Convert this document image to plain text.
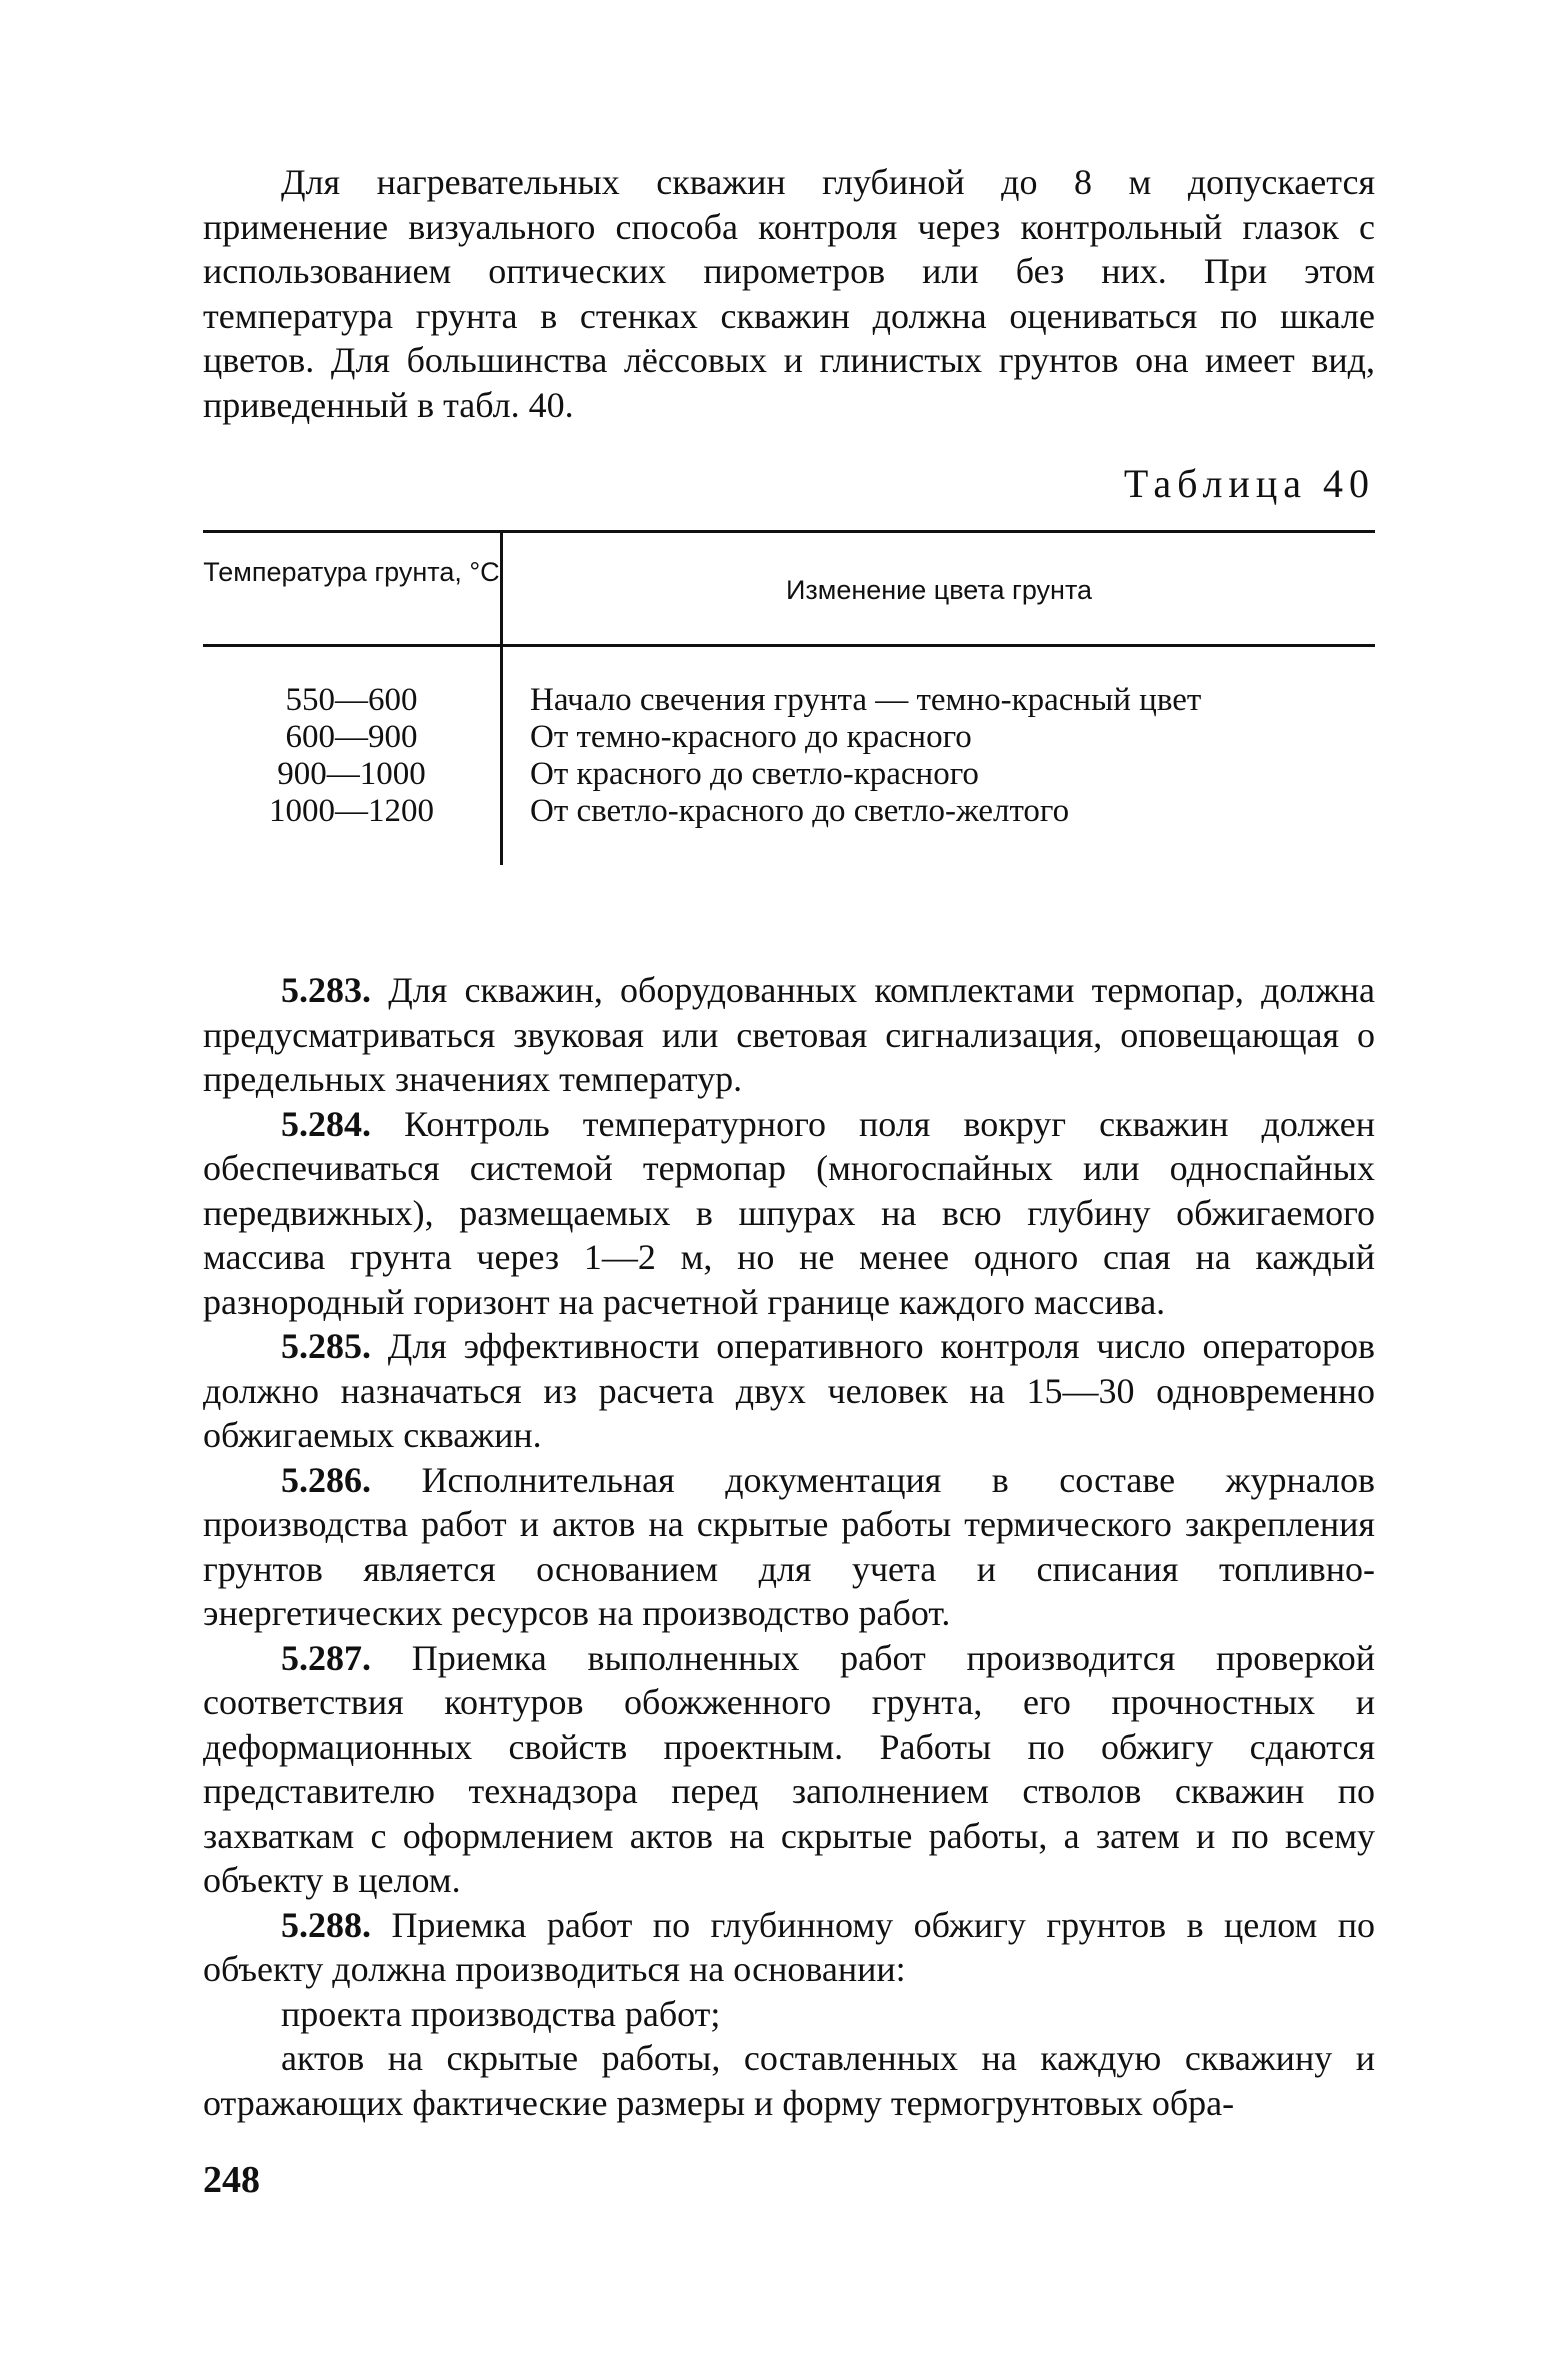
Для нагревательных скважин глубиной до 8 м допускается применение визуального способа контроля через контрольный глазок с использованием оптических пирометров или без них. При этом температура грунта в стенках скважин должна оцениваться по шкале цветов. Для большинства лёссовых и глинистых грунтов она имеет вид, приведенный в табл. 40.

Таблица 40
Температура грунта, °С
Изменение цвета грунта
550—600
600—900
900—1000
1000—1200
Начало свечения грунта — темно-красный цвет
От темно-красного до красного
От красного до светло-красного
От светло-красного до светло-желтого

5.283. Для скважин, оборудованных комплектами термопар, должна предусматриваться звуковая или световая сигнализация, оповещающая о предельных значениях температур.

5.284. Контроль температурного поля вокруг скважин должен обеспечиваться системой термопар (многоспайных или односпайных передвижных), размещаемых в шпурах на всю глубину обжигаемого массива грунта через 1—2 м, но не менее одного спая на каждый разнородный горизонт на расчетной границе каждого массива.

5.285. Для эффективности оперативного контроля число операторов должно назначаться из расчета двух человек на 15—30 одновременно обжигаемых скважин.

5.286. Исполнительная документация в составе журналов производства работ и актов на скрытые работы термического закрепления грунтов является основанием для учета и списания топливно-энергетических ресурсов на производство работ.

5.287. Приемка выполненных работ производится проверкой соответствия контуров обожженного грунта, его прочностных и деформационных свойств проектным. Работы по обжигу сдаются представителю технадзора перед заполнением стволов скважин по захваткам с оформлением актов на скрытые работы, а затем и по всему объекту в целом.

5.288. Приемка работ по глубинному обжигу грунтов в целом по объекту должна производиться на основании:

проекта производства работ;

актов на скрытые работы, составленных на каждую скважину и отражающих фактические размеры и форму термогрунтовых обра-

248
